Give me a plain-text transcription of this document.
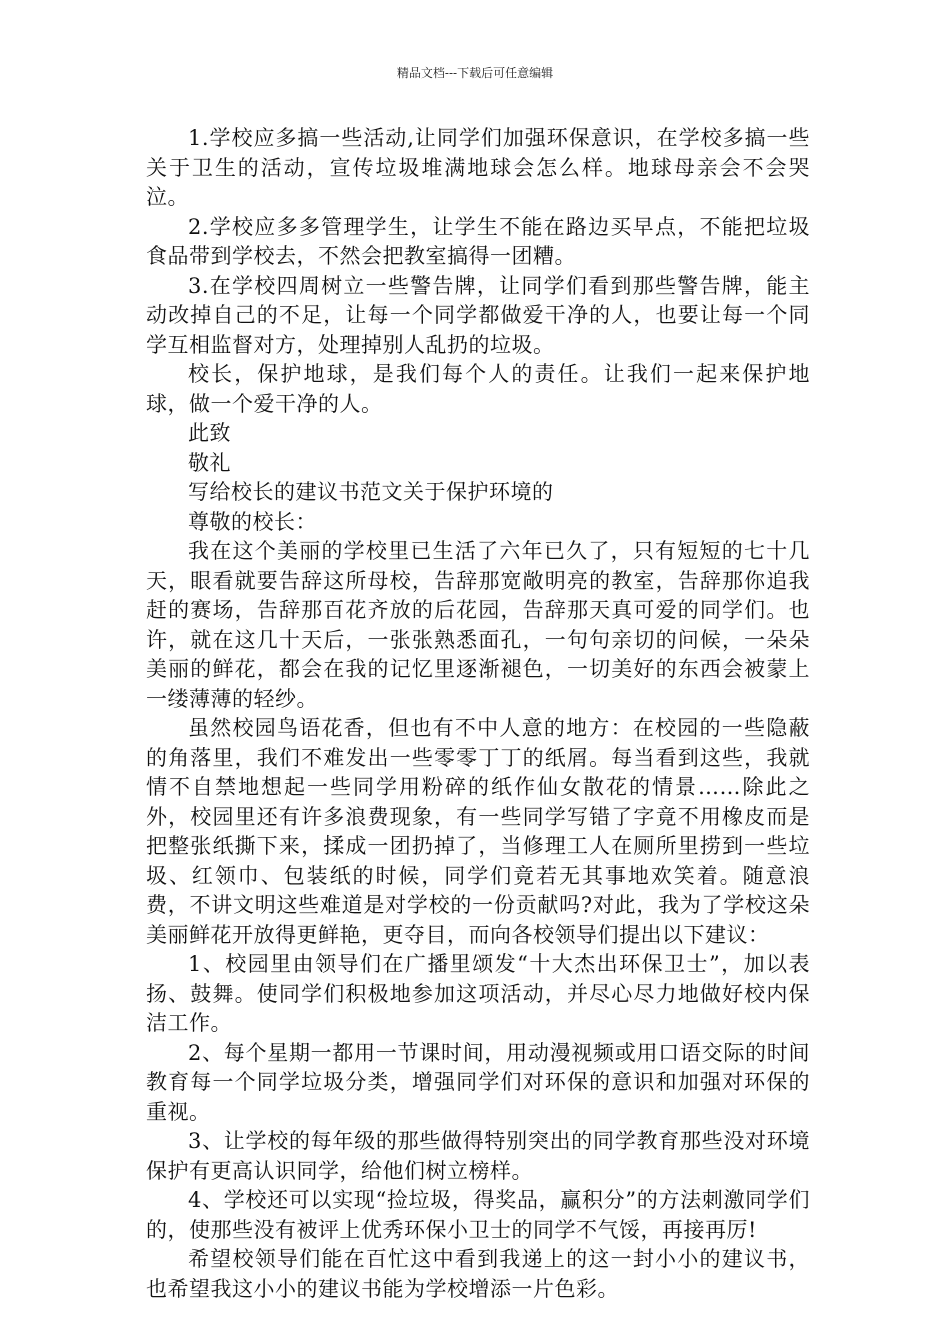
精品文档---下载后可任意编辑

1.学校应多搞一些活动,让同学们加强环保意识，在学校多搞一些关于卫生的活动，宣传垃圾堆满地球会怎么样。地球母亲会不会哭泣。

2.学校应多多管理学生，让学生不能在路边买早点，不能把垃圾食品带到学校去，不然会把教室搞得一团糟。

3.在学校四周树立一些警告牌，让同学们看到那些警告牌，能主动改掉自己的不足，让每一个同学都做爱干净的人，也要让每一个同学互相监督对方，处理掉别人乱扔的垃圾。

校长，保护地球，是我们每个人的责任。让我们一起来保护地球，做一个爱干净的人。

此致

敬礼

写给校长的建议书范文关于保护环境的

尊敬的校长：

我在这个美丽的学校里已生活了六年已久了，只有短短的七十几天，眼看就要告辞这所母校，告辞那宽敞明亮的教室，告辞那你追我赶的赛场，告辞那百花齐放的后花园，告辞那天真可爱的同学们。也许，就在这几十天后，一张张熟悉面孔，一句句亲切的问候，一朵朵美丽的鲜花，都会在我的记忆里逐渐褪色，一切美好的东西会被蒙上一缕薄薄的轻纱。

虽然校园鸟语花香，但也有不中人意的地方：在校园的一些隐蔽的角落里，我们不难发出一些零零丁丁的纸屑。每当看到这些，我就情不自禁地想起一些同学用粉碎的纸作仙女散花的情景……除此之外，校园里还有许多浪费现象，有一些同学写错了字竟不用橡皮而是把整张纸撕下来，揉成一团扔掉了，当修理工人在厕所里捞到一些垃圾、红领巾、包装纸的时候，同学们竟若无其事地欢笑着。随意浪费，不讲文明这些难道是对学校的一份贡献吗?对此，我为了学校这朵美丽鲜花开放得更鲜艳，更夺目，而向各校领导们提出以下建议：

1、校园里由领导们在广播里颂发“十大杰出环保卫士”，加以表扬、鼓舞。使同学们积极地参加这项活动，并尽心尽力地做好校内保洁工作。

2、每个星期一都用一节课时间，用动漫视频或用口语交际的时间教育每一个同学垃圾分类，增强同学们对环保的意识和加强对环保的重视。

3、让学校的每年级的那些做得特别突出的同学教育那些没对环境保护有更高认识同学，给他们树立榜样。

4、学校还可以实现“捡垃圾，得奖品，赢积分”的方法刺激同学们的，使那些没有被评上优秀环保小卫士的同学不气馁，再接再厉!

希望校领导们能在百忙这中看到我递上的这一封小小的建议书，也希望我这小小的建议书能为学校增添一片色彩。
